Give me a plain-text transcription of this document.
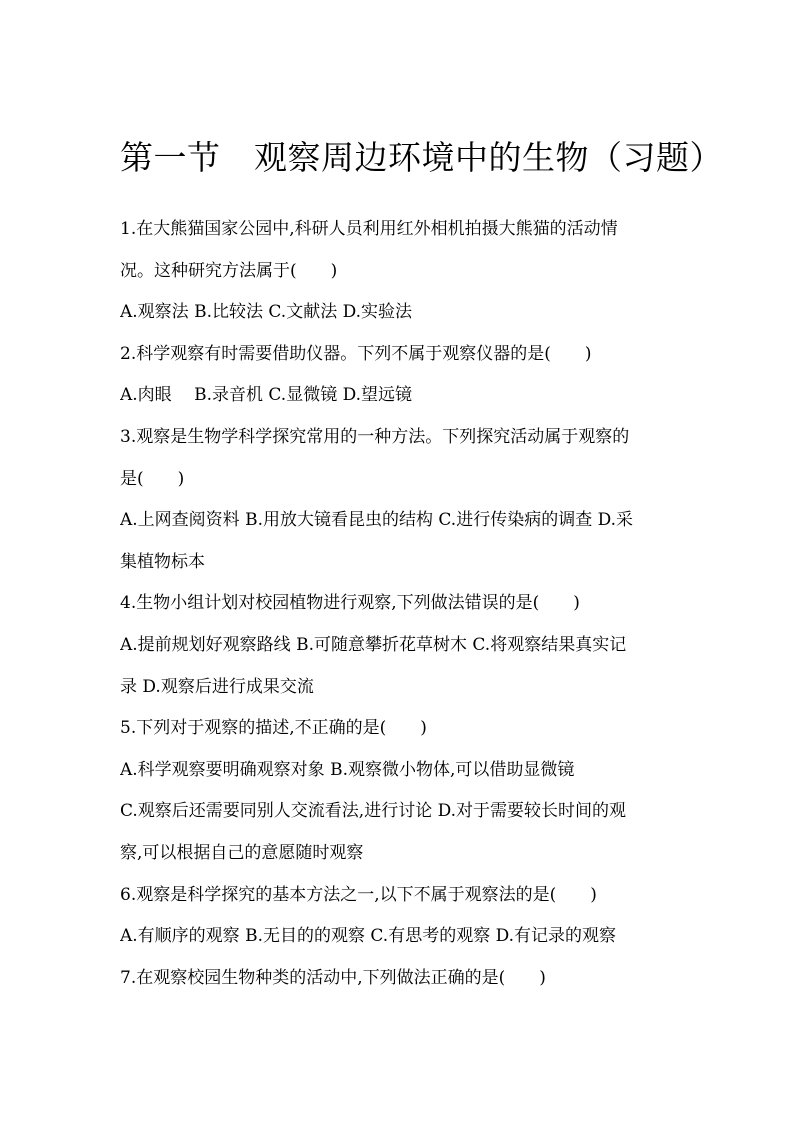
第一节　观察周边环境中的生物（习题）
1.在大熊猫国家公园中,科研人员利用红外相机拍摄大熊猫的活动情
况。这种研究方法属于(　　)
A.观察法 B.比较法 C.文献法 D.实验法
2.科学观察有时需要借助仪器。下列不属于观察仪器的是(　　)
A.肉眼　 B.录音机 C.显微镜 D.望远镜
3.观察是生物学科学探究常用的一种方法。下列探究活动属于观察的
是(　　)
A.上网查阅资料 B.用放大镜看昆虫的结构 C.进行传染病的调查 D.采
集植物标本
4.生物小组计划对校园植物进行观察,下列做法错误的是(　　)
A.提前规划好观察路线 B.可随意攀折花草树木 C.将观察结果真实记
录 D.观察后进行成果交流
5.下列对于观察的描述,不正确的是(　　)
A.科学观察要明确观察对象 B.观察微小物体,可以借助显微镜
C.观察后还需要同别人交流看法,进行讨论 D.对于需要较长时间的观
察,可以根据自己的意愿随时观察
6.观察是科学探究的基本方法之一,以下不属于观察法的是(　　)
A.有顺序的观察 B.无目的的观察 C.有思考的观察 D.有记录的观察
7.在观察校园生物种类的活动中,下列做法正确的是(　　)
